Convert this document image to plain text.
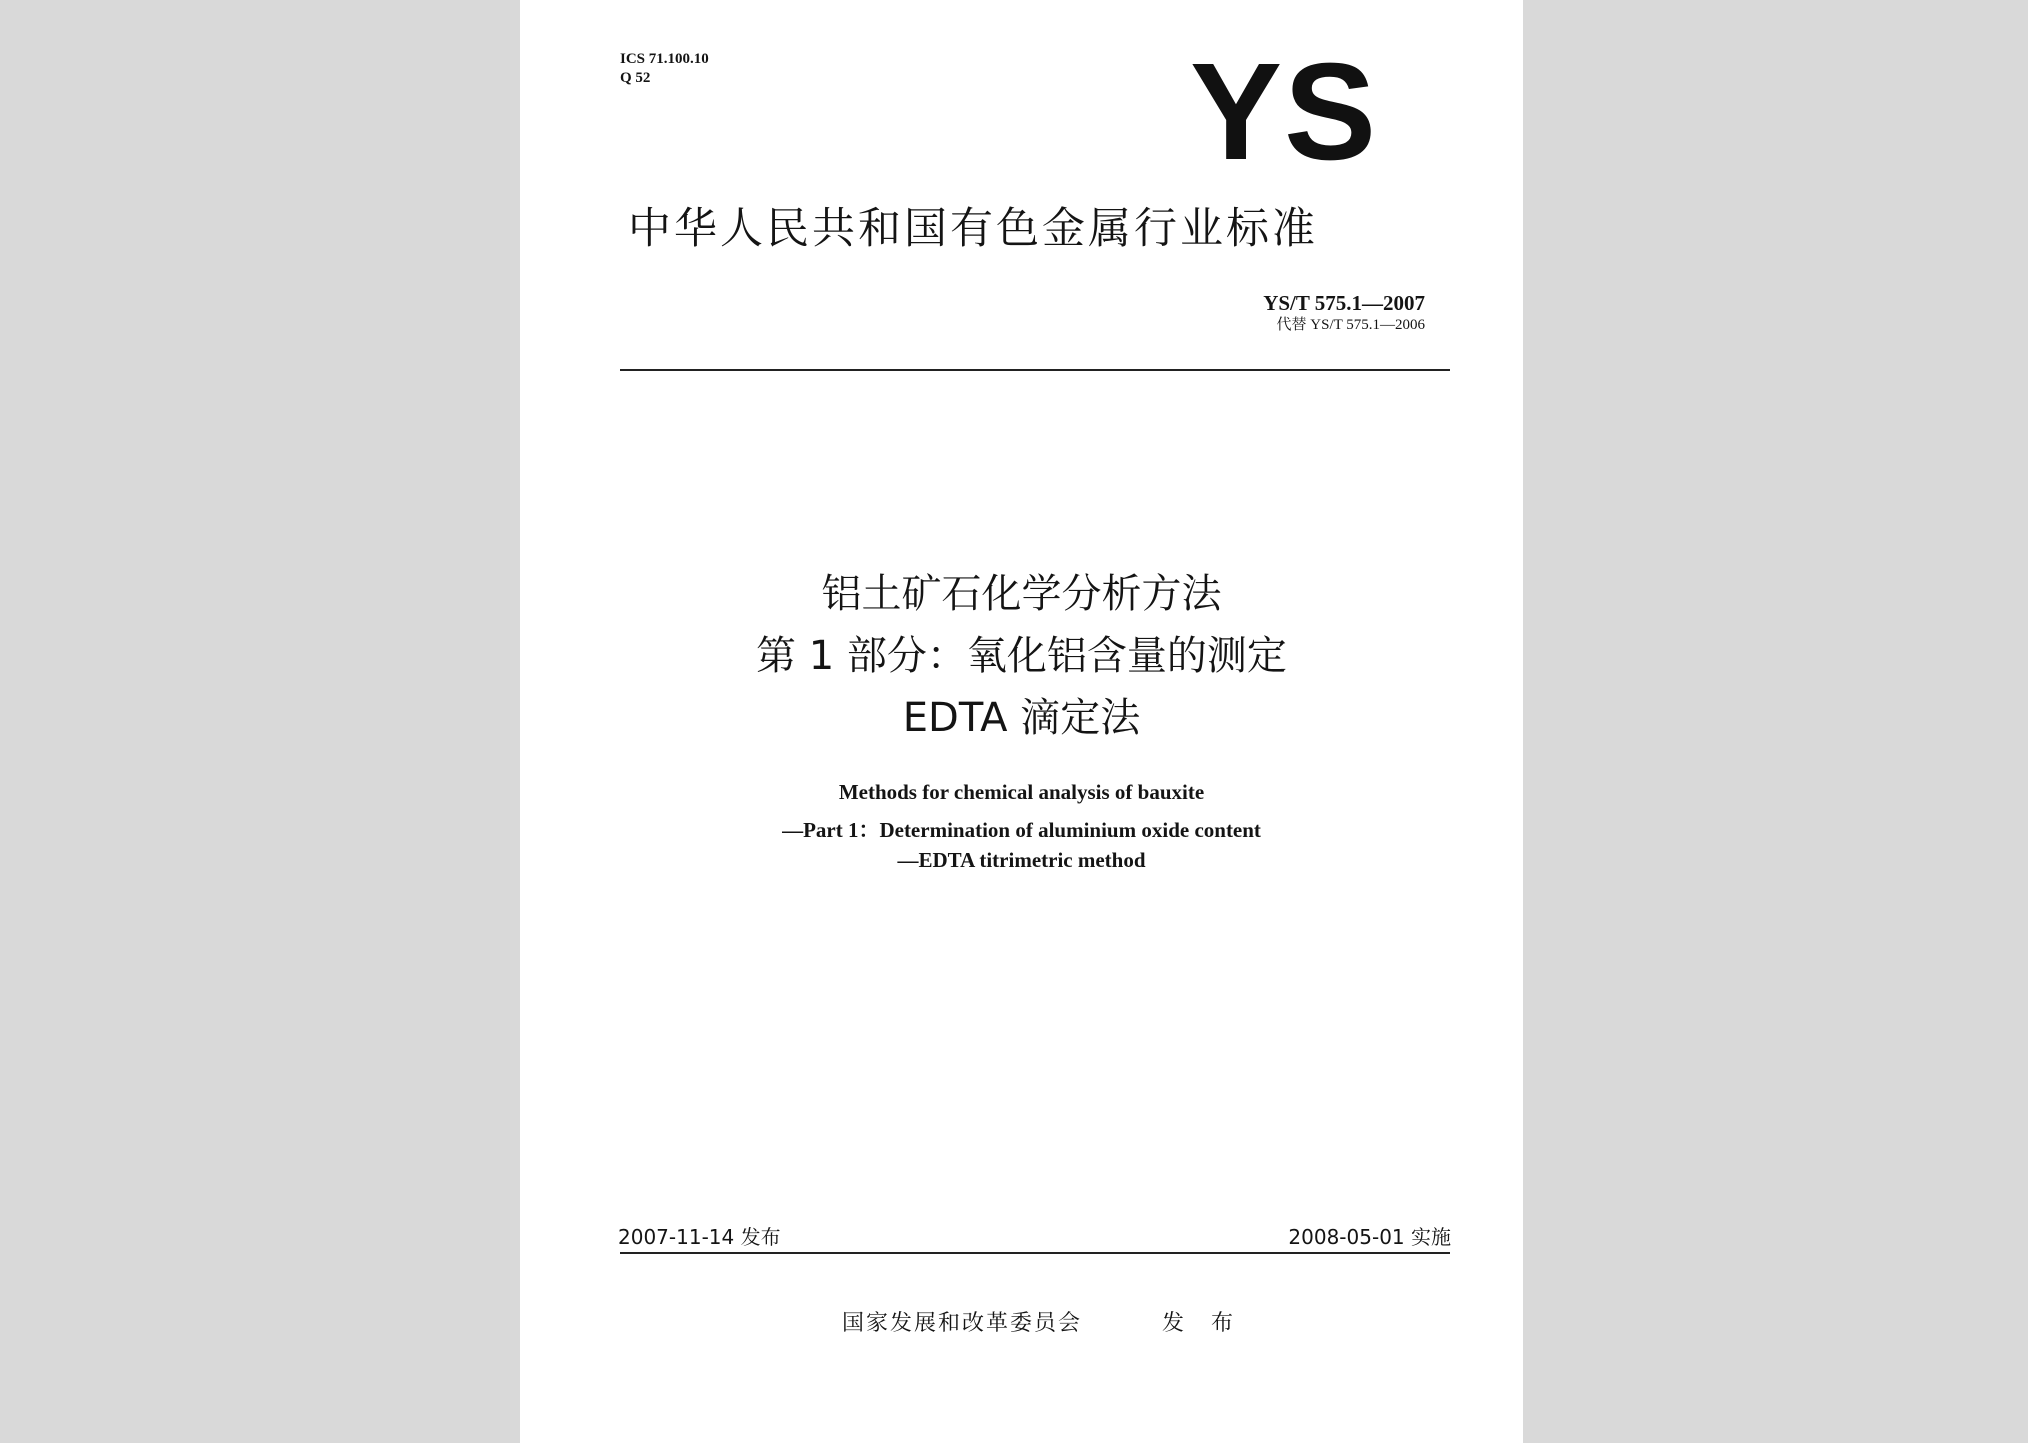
ICS 71.100.10
Q 52	YS
中华人民共和国有色金属行业标准
YS/T 575.1—2007
代替 YS/T 575.1—2006
铝土矿石化学分析方法
第 1 部分：氧化铝含量的测定
EDTA 滴定法
Methods for chemical analysis of bauxite
—Part 1：Determination of aluminium oxide content
—EDTA titrimetric method
2007-11-14 发布	2008-05-01 实施
国家发展和改革委员会	发 布
